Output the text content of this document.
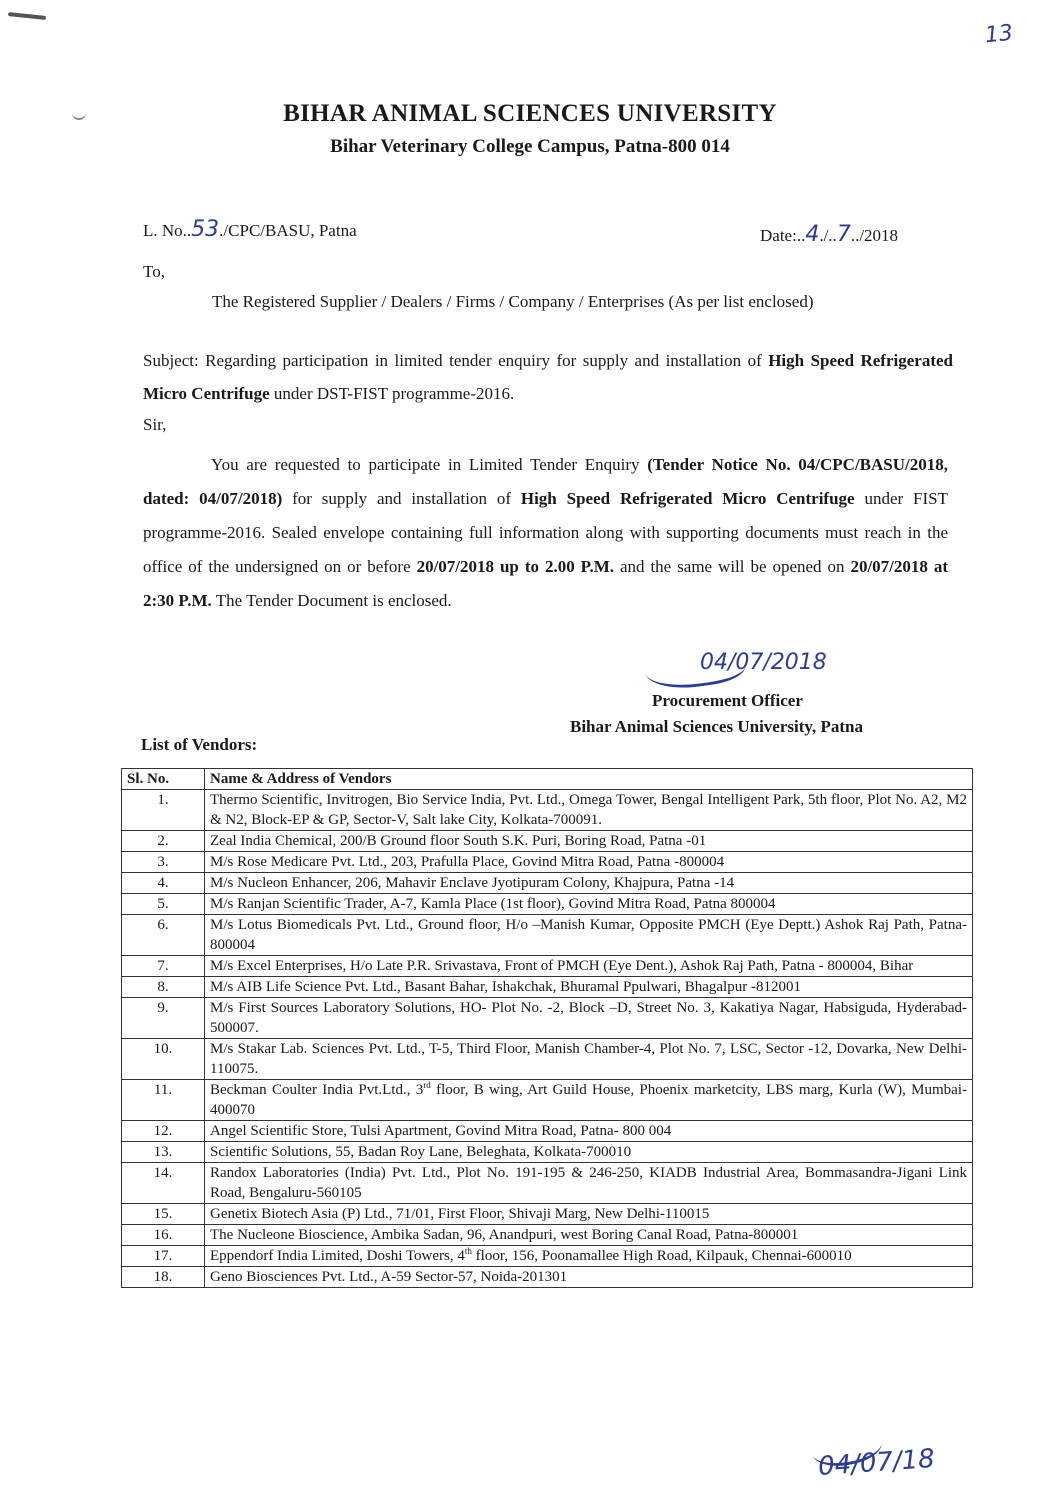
13
BIHAR ANIMAL SCIENCES UNIVERSITY
Bihar Veterinary College Campus, Patna-800 014
L. No..53./CPC/BASU, Patna	Date:..4./..7../2018
To,
The Registered Supplier / Dealers / Firms / Company / Enterprises (As per list enclosed)
Subject: Regarding participation in limited tender enquiry for supply and installation of High Speed Refrigerated Micro Centrifuge under DST-FIST programme-2016.
Sir,
You are requested to participate in Limited Tender Enquiry (Tender Notice No. 04/CPC/BASU/2018, dated: 04/07/2018) for supply and installation of High Speed Refrigerated Micro Centrifuge under FIST programme-2016. Sealed envelope containing full information along with supporting documents must reach in the office of the undersigned on or before 20/07/2018 up to 2.00 P.M. and the same will be opened on 20/07/2018 at 2:30 P.M. The Tender Document is enclosed.
04/07/2018
Procurement Officer
Bihar Animal Sciences University, Patna
List of Vendors:
Sl. No.	Name & Address of Vendors
1.	Thermo Scientific, Invitrogen, Bio Service India, Pvt. Ltd., Omega Tower, Bengal Intelligent Park, 5th floor, Plot No. A2, M2 & N2, Block-EP & GP, Sector-V, Salt lake City, Kolkata-700091.
2.	Zeal India Chemical, 200/B Ground floor South S.K. Puri, Boring Road, Patna -01
3.	M/s Rose Medicare Pvt. Ltd., 203, Prafulla Place, Govind Mitra Road, Patna -800004
4.	M/s Nucleon Enhancer, 206, Mahavir Enclave Jyotipuram Colony, Khajpura, Patna -14
5.	M/s Ranjan Scientific Trader, A-7, Kamla Place (1st floor), Govind Mitra Road, Patna 800004
6.	M/s Lotus Biomedicals Pvt. Ltd., Ground floor, H/o –Manish Kumar, Opposite PMCH (Eye Deptt.) Ashok Raj Path, Patna-800004
7.	M/s Excel Enterprises, H/o Late P.R. Srivastava, Front of PMCH (Eye Dent.), Ashok Raj Path, Patna - 800004, Bihar
8.	M/s AIB Life Science Pvt. Ltd., Basant Bahar, Ishakchak, Bhuramal Ppulwari, Bhagalpur -812001
9.	M/s First Sources Laboratory Solutions, HO- Plot No. -2, Block –D, Street No. 3, Kakatiya Nagar, Habsiguda, Hyderabad-500007.
10.	M/s Stakar Lab. Sciences Pvt. Ltd., T-5, Third Floor, Manish Chamber-4, Plot No. 7, LSC, Sector -12, Dovarka, New Delhi-110075.
11.	Beckman Coulter India Pvt.Ltd., 3rd floor, B wing, Art Guild House, Phoenix marketcity, LBS marg, Kurla (W), Mumbai-400070
12.	Angel Scientific Store, Tulsi Apartment, Govind Mitra Road, Patna- 800 004
13.	Scientific Solutions, 55, Badan Roy Lane, Beleghata, Kolkata-700010
14.	Randox Laboratories (India) Pvt. Ltd., Plot No. 191-195 & 246-250, KIADB Industrial Area, Bommasandra-Jigani Link Road, Bengaluru-560105
15.	Genetix Biotech Asia (P) Ltd., 71/01, First Floor, Shivaji Marg, New Delhi-110015
16.	The Nucleone Bioscience, Ambika Sadan, 96, Anandpuri, west Boring Canal Road, Patna-800001
17.	Eppendorf India Limited, Doshi Towers, 4th floor, 156, Poonamallee High Road, Kilpauk, Chennai-600010
18.	Geno Biosciences Pvt. Ltd., A-59 Sector-57, Noida-201301
04/07/18
